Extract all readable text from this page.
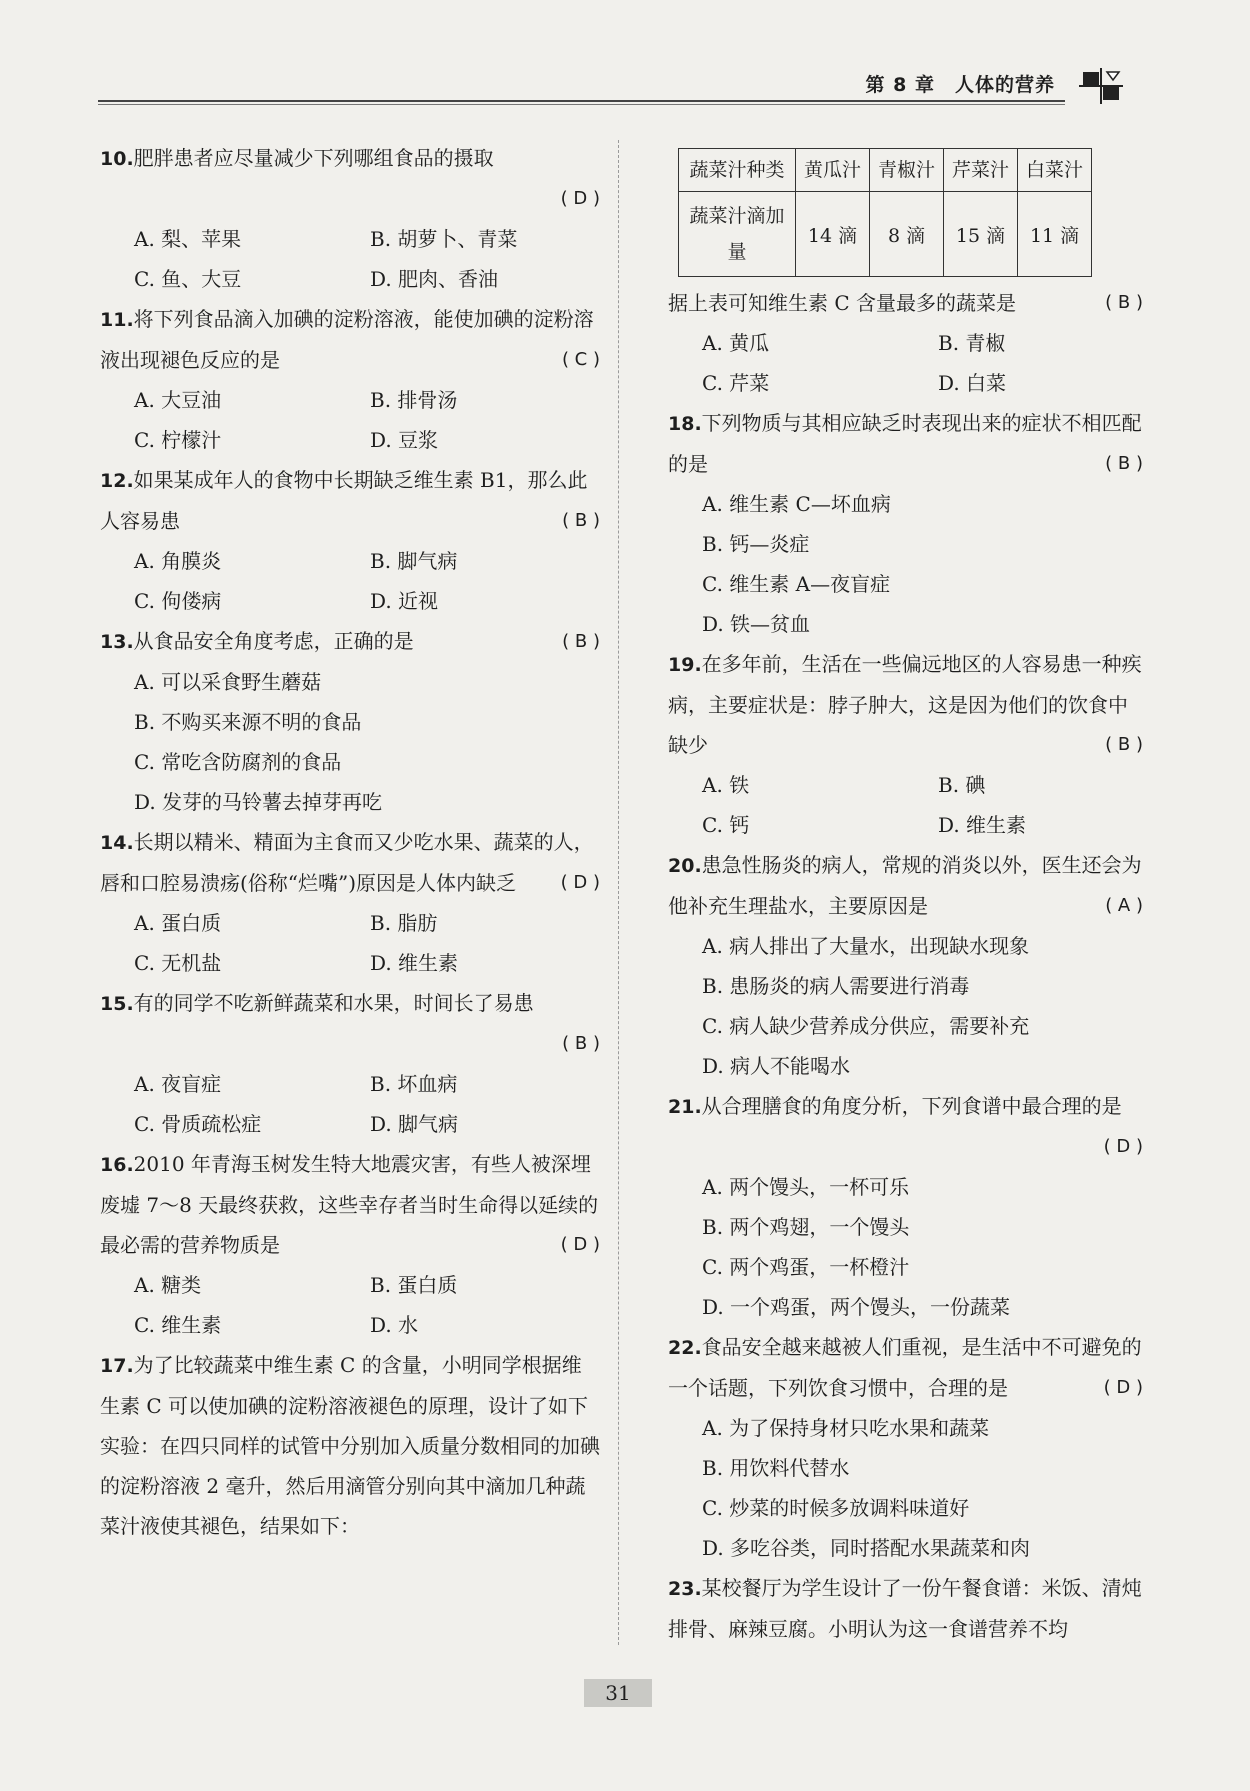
第 8 章　人体的营养
10.肥胖患者应尽量减少下列哪组食品的摄取
( D )
A. 梨、苹果	B. 胡萝卜、青菜
C. 鱼、大豆	D. 肥肉、香油
11.将下列食品滴入加碘的淀粉溶液，能使加碘的淀粉溶液出现褪色反应的是	( C )
A. 大豆油	B. 排骨汤
C. 柠檬汁	D. 豆浆
12.如果某成年人的食物中长期缺乏维生素 B1，那么此人容易患	( B )
A. 角膜炎	B. 脚气病
C. 佝偻病	D. 近视
13.从食品安全角度考虑，正确的是	( B )
A. 可以采食野生蘑菇
B. 不购买来源不明的食品
C. 常吃含防腐剂的食品
D. 发芽的马铃薯去掉芽再吃
14.长期以精米、精面为主食而又少吃水果、蔬菜的人，唇和口腔易溃疡(俗称“烂嘴”)原因是人体内缺乏 ( D )
A. 蛋白质	B. 脂肪
C. 无机盐	D. 维生素
15.有的同学不吃新鲜蔬菜和水果，时间长了易患
( B )
A. 夜盲症	B. 坏血病
C. 骨质疏松症	D. 脚气病
16.2010 年青海玉树发生特大地震灾害，有些人被深埋废墟 7～8 天最终获救，这些幸存者当时生命得以延续的最必需的营养物质是	( D )
A. 糖类	B. 蛋白质
C. 维生素	D. 水
17.为了比较蔬菜中维生素 C 的含量，小明同学根据维生素 C 可以使加碘的淀粉溶液褪色的原理，设计了如下实验：在四只同样的试管中分别加入质量分数相同的加碘的淀粉溶液 2 毫升，然后用滴管分别向其中滴加几种蔬菜汁液使其褪色，结果如下：
蔬菜汁种类	黄瓜汁	青椒汁	芹菜汁	白菜汁
蔬菜汁滴加量	14 滴	8 滴	15 滴	11 滴
据上表可知维生素 C 含量最多的蔬菜是	( B )
A. 黄瓜	B. 青椒
C. 芹菜	D. 白菜
18.下列物质与其相应缺乏时表现出来的症状不相匹配的是	( B )
A. 维生素 C—坏血病
B. 钙—炎症
C. 维生素 A—夜盲症
D. 铁—贫血
19.在多年前，生活在一些偏远地区的人容易患一种疾病，主要症状是：脖子肿大，这是因为他们的饮食中缺少	( B )
A. 铁	B. 碘
C. 钙	D. 维生素
20.患急性肠炎的病人，常规的消炎以外，医生还会为他补充生理盐水，主要原因是	( A )
A. 病人排出了大量水，出现缺水现象
B. 患肠炎的病人需要进行消毒
C. 病人缺少营养成分供应，需要补充
D. 病人不能喝水
21.从合理膳食的角度分析，下列食谱中最合理的是
( D )
A. 两个馒头，一杯可乐
B. 两个鸡翅，一个馒头
C. 两个鸡蛋，一杯橙汁
D. 一个鸡蛋，两个馒头，一份蔬菜
22.食品安全越来越被人们重视，是生活中不可避免的一个话题，下列饮食习惯中，合理的是	( D )
A. 为了保持身材只吃水果和蔬菜
B. 用饮料代替水
C. 炒菜的时候多放调料味道好
D. 多吃谷类，同时搭配水果蔬菜和肉
23.某校餐厅为学生设计了一份午餐食谱：米饭、清炖排骨、麻辣豆腐。小明认为这一食谱营养不均
31
